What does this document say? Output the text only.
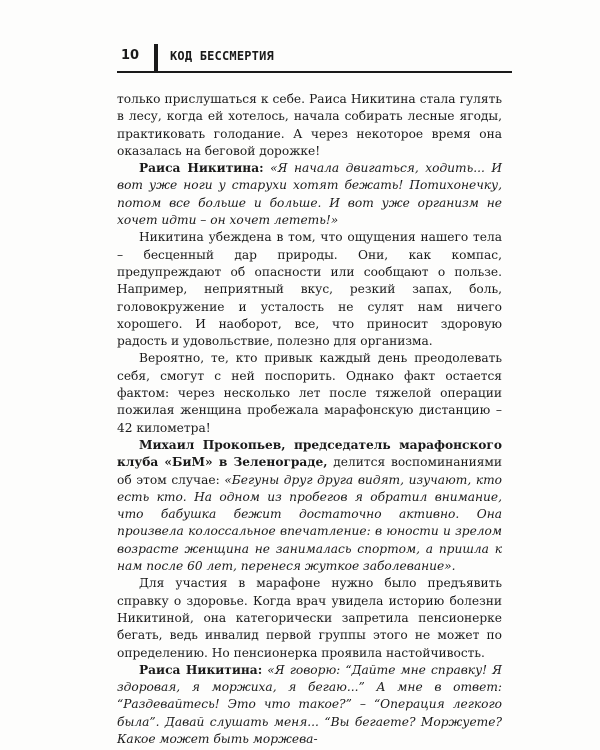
10	КОД БЕССМЕРТИЯ

только прислушаться к себе. Раиса Никитина стала гулять в лесу, когда ей хотелось, начала собирать лесные ягоды, практиковать голодание. А через некоторое время она оказалась на беговой дорожке!

Раиса Никитина: «Я начала двигаться, ходить... И вот уже ноги у старухи хотят бежать! Потихонечку, потом все больше и больше. И вот уже организм не хочет идти – он хочет лететь!»

Никитина убеждена в том, что ощущения нашего тела – бесценный дар природы. Они, как компас, предупреждают об опасности или сообщают о пользе. Например, неприятный вкус, резкий запах, боль, головокружение и усталость не сулят нам ничего хорошего. И наоборот, все, что приносит здоровую радость и удовольствие, полезно для организма.

Вероятно, те, кто привык каждый день преодолевать себя, смогут с ней поспорить. Однако факт остается фактом: через несколько лет после тяжелой операции пожилая женщина пробежала марафонскую дистанцию – 42 километра!

Михаил Прокопьев, председатель марафонского клуба «БиМ» в Зеленограде, делится воспоминаниями об этом случае: «Бегуны друг друга видят, изучают, кто есть кто. На одном из пробегов я обратил внимание, что бабушка бежит достаточно активно. Она произвела колоссальное впечатление: в юности и зрелом возрасте женщина не занималась спортом, а пришла к нам после 60 лет, перенеся жуткое заболевание».

Для участия в марафоне нужно было предъявить справку о здоровье. Когда врач увидела историю болезни Никитиной, она категорически запретила пенсионерке бегать, ведь инвалид первой группы этого не может по определению. Но пенсионерка проявила настойчивость.

Раиса Никитина: «Я говорю: “Дайте мне справку! Я здоровая, я моржиха, я бегаю...” А мне в ответ: “Раздевайтесь! Это что такое?” – “Операция легкого была”. Давай слушать меня... “Вы бегаете? Моржуете? Какое может быть моржева-
